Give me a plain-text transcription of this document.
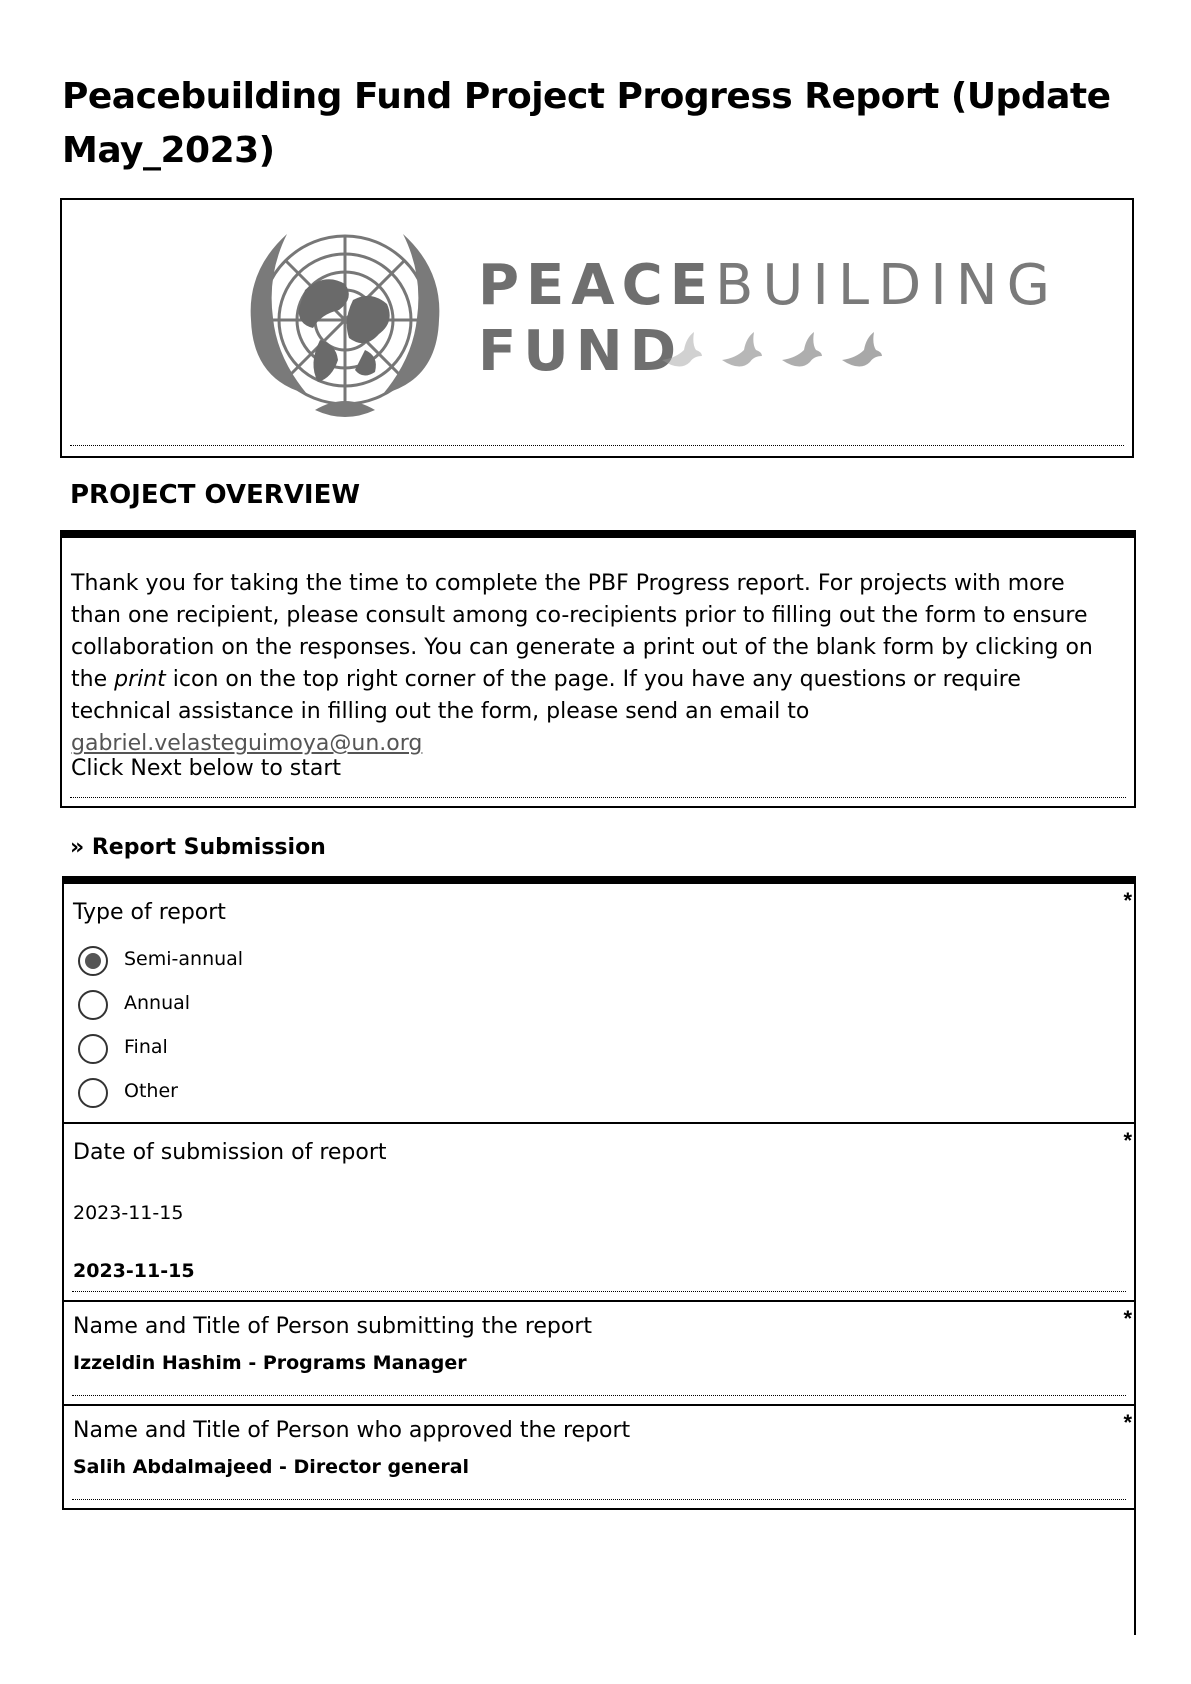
Peacebuilding Fund Project Progress Report (Update May_2023)
PEACEBUILDING
FUND
PROJECT OVERVIEW
Thank you for taking the time to complete the PBF Progress report. For projects with more than one recipient, please consult among co-recipients prior to filling out the form to ensure collaboration on the responses. You can generate a print out of the blank form by clicking on the print icon on the top right corner of the page. If you have any questions or require technical assistance in filling out the form, please send an email to gabriel.velasteguimoya@un.org
Click Next below to start
» Report Submission
Type of report	*
Semi-annual
Annual
Final
Other
Date of submission of report	*
2023-11-15
2023-11-15
Name and Title of Person submitting the report	*
Izzeldin Hashim - Programs Manager
Name and Title of Person who approved the report	*
Salih Abdalmajeed - Director general
